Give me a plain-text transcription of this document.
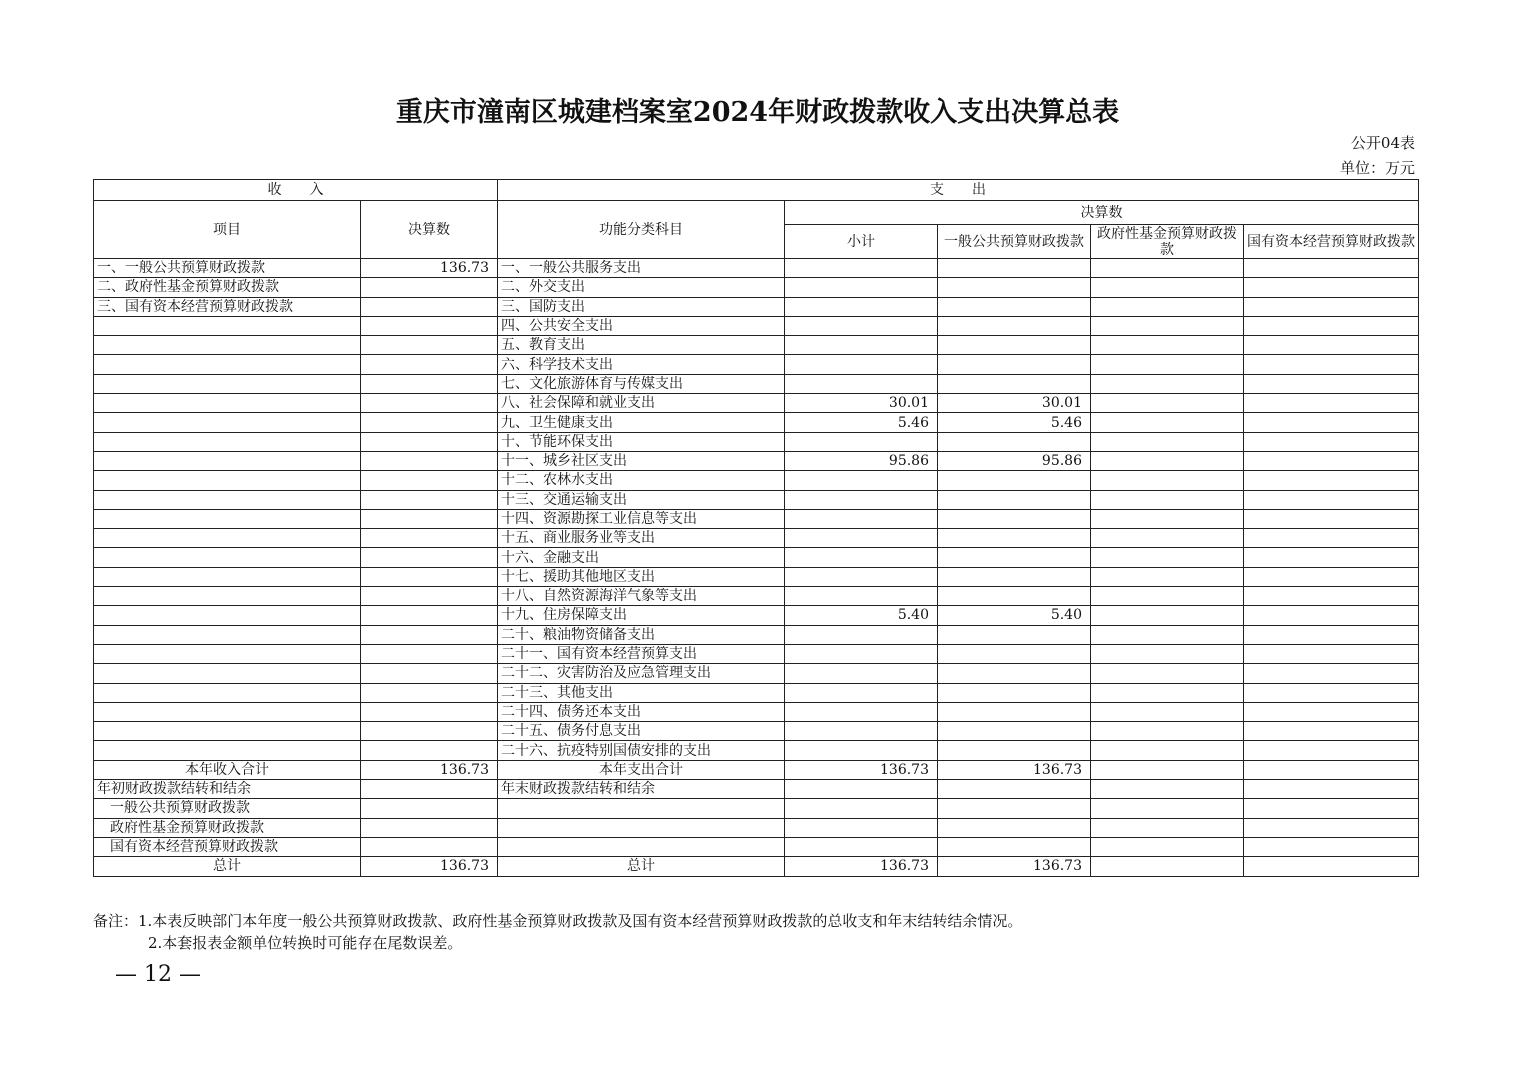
重庆市潼南区城建档案室2024年财政拨款收入支出决算总表
公开04表
单位：万元
收　　入		支　　出				
项目	决算数	功能分类科目	决算数			
			小计	一般公共预算财政拨款	政府性基金预算财政拨款	国有资本经营预算财政拨款
一、一般公共预算财政拨款	136.73	一、一般公共服务支出				
二、政府性基金预算财政拨款		二、外交支出				
三、国有资本经营预算财政拨款		三、国防支出				
		四、公共安全支出				
		五、教育支出				
		六、科学技术支出				
		七、文化旅游体育与传媒支出				
		八、社会保障和就业支出	30.01	30.01		
		九、卫生健康支出	5.46	5.46		
		十、节能环保支出				
		十一、城乡社区支出	95.86	95.86		
		十二、农林水支出				
		十三、交通运输支出				
		十四、资源勘探工业信息等支出				
		十五、商业服务业等支出				
		十六、金融支出				
		十七、援助其他地区支出				
		十八、自然资源海洋气象等支出				
		十九、住房保障支出	5.40	5.40		
		二十、粮油物资储备支出				
		二十一、国有资本经营预算支出				
		二十二、灾害防治及应急管理支出				
		二十三、其他支出				
		二十四、债务还本支出				
		二十五、债务付息支出				
		二十六、抗疫特别国债安排的支出				
本年收入合计	136.73	本年支出合计	136.73	136.73		
年初财政拨款结转和结余		年末财政拨款结转和结余				
一般公共预算财政拨款						
政府性基金预算财政拨款						
国有资本经营预算财政拨款						
总计	136.73	总计	136.73	136.73		
备注：1.本表反映部门本年度一般公共预算财政拨款、政府性基金预算财政拨款及国有资本经营预算财政拨款的总收支和年末结转结余情况。
2.本套报表金额单位转换时可能存在尾数误差。
— 12 —
